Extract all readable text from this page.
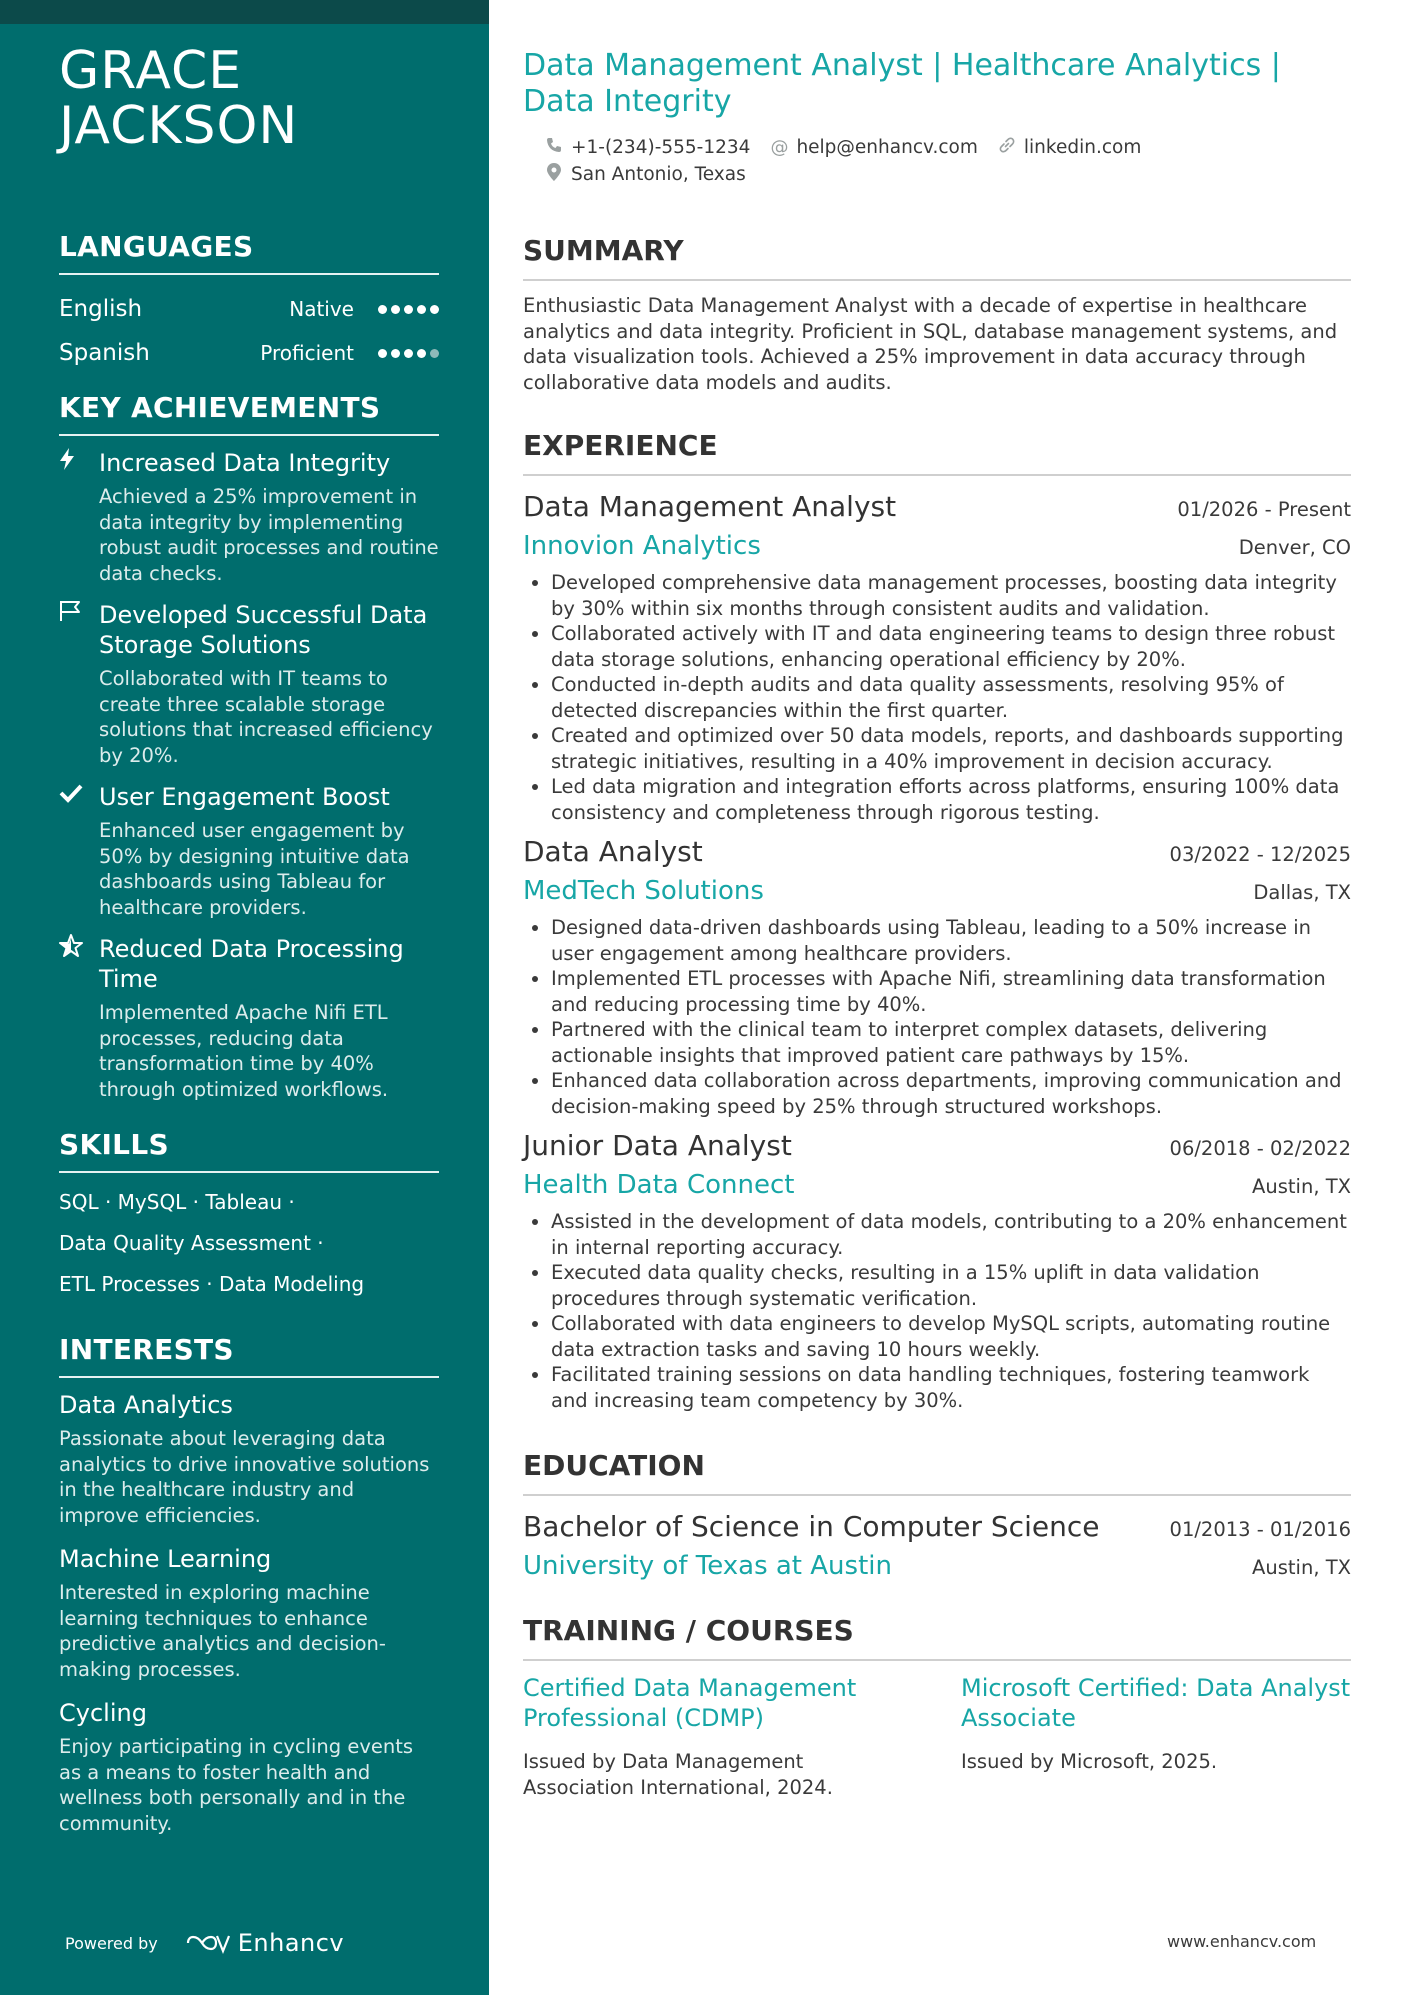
GRACE
JACKSON
LANGUAGES
English	Native
Spanish	Proficient
KEY ACHIEVEMENTS
Increased Data Integrity
Achieved a 25% improvement in data integrity by implementing robust audit processes and routine data checks.
Developed Successful Data Storage Solutions
Collaborated with IT teams to create three scalable storage solutions that increased efficiency by 20%.
User Engagement Boost
Enhanced user engagement by 50% by designing intuitive data dashboards using Tableau for healthcare providers.
Reduced Data Processing Time
Implemented Apache Nifi ETL processes, reducing data transformation time by 40% through optimized workflows.
SKILLS
SQL · MySQL · Tableau ·
Data Quality Assessment ·
ETL Processes · Data Modeling
INTERESTS
Data Analytics
Passionate about leveraging data analytics to drive innovative solutions in the healthcare industry and improve efficiencies.
Machine Learning
Interested in exploring machine learning techniques to enhance predictive analytics and decision-making processes.
Cycling
Enjoy participating in cycling events as a means to foster health and wellness both personally and in the community.
Powered by	Enhancv
Data Management Analyst | Healthcare Analytics | Data Integrity
+1-(234)-555-1234 @ help@enhancv.com linkedin.com
San Antonio, Texas
SUMMARY
Enthusiastic Data Management Analyst with a decade of expertise in healthcare analytics and data integrity. Proficient in SQL, database management systems, and data visualization tools. Achieved a 25% improvement in data accuracy through collaborative data models and audits.
EXPERIENCE
Data Management Analyst	01/2026 - Present
Innovion Analytics	Denver, CO
• Developed comprehensive data management processes, boosting data integrity by 30% within six months through consistent audits and validation.
• Collaborated actively with IT and data engineering teams to design three robust data storage solutions, enhancing operational efficiency by 20%.
• Conducted in-depth audits and data quality assessments, resolving 95% of detected discrepancies within the first quarter.
• Created and optimized over 50 data models, reports, and dashboards supporting strategic initiatives, resulting in a 40% improvement in decision accuracy.
• Led data migration and integration efforts across platforms, ensuring 100% data consistency and completeness through rigorous testing.
Data Analyst	03/2022 - 12/2025
MedTech Solutions	Dallas, TX
• Designed data-driven dashboards using Tableau, leading to a 50% increase in user engagement among healthcare providers.
• Implemented ETL processes with Apache Nifi, streamlining data transformation and reducing processing time by 40%.
• Partnered with the clinical team to interpret complex datasets, delivering actionable insights that improved patient care pathways by 15%.
• Enhanced data collaboration across departments, improving communication and decision-making speed by 25% through structured workshops.
Junior Data Analyst	06/2018 - 02/2022
Health Data Connect	Austin, TX
• Assisted in the development of data models, contributing to a 20% enhancement in internal reporting accuracy.
• Executed data quality checks, resulting in a 15% uplift in data validation procedures through systematic verification.
• Collaborated with data engineers to develop MySQL scripts, automating routine data extraction tasks and saving 10 hours weekly.
• Facilitated training sessions on data handling techniques, fostering teamwork and increasing team competency by 30%.
EDUCATION
Bachelor of Science in Computer Science	01/2013 - 01/2016
University of Texas at Austin	Austin, TX
TRAINING / COURSES
Certified Data Management Professional (CDMP)
Issued by Data Management Association International, 2024.
Microsoft Certified: Data Analyst Associate
Issued by Microsoft, 2025.
www.enhancv.com
